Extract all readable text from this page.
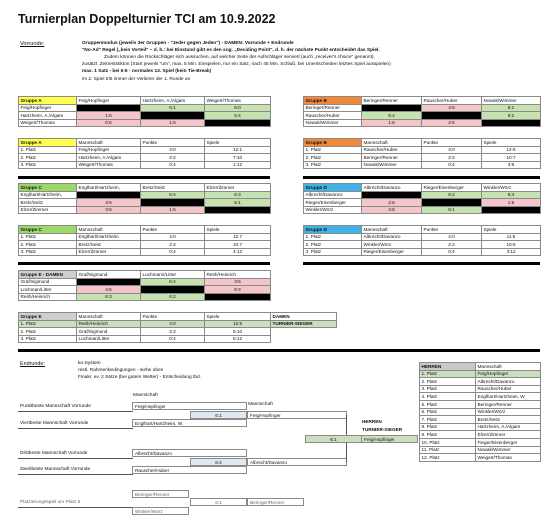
Turnierplan Doppelturnier TCI am 10.9.2022
Vorrunde:	Gruppenmodus (jeweils 3er Gruppen - "Jeder gegen Jeden") - DAMEN: Vorrunde + Endrunde
"No-Ad" Regel („kein Vorteil" – d. h.: bei Einstand gibt es den sog. „Deciding Point", d. h. der nächste Punkt entscheidet das Spiel.
Zudem können die Rückschläger sich aussuchen, auf welcher Seite der Aufschläger serviert (auch „receiver's choice" genannt).
zusätzl. Zeitreststikton (Start jeweils "um", max. 5 Min. Einspielen, nur ein Satz, nach 45 Min. Schluß, bei Unentschieden letztes Spiel ausspielen)
max. 1 Satz - bei 6:6 - normales 13. Spiel (kein Tie-Break)
im 2. Spiel tritt immer der Verlierer der 1. Runde an
Gruppe A	Feig/Hopfinger	Hartzheim, A./Algam	Weigert/Thomas
Feig/Hopfinger		6:1	6:0
Hartzheim, A./Algam	1:6		6:4
Weigert/Thomas	0:6	1:6	
Gruppe B	Beringer/Renner	Rauscher/Huber	Nowak/Wimmer
Beringer/Renner		4:6	6:1
Rauscher/Huber	6:4		6:2
Nowak/Wimmer	1:6	2:6	
Gruppe A	Mannschaft	Punkte	Spiele
1. Platz	Feig/Hopfinger	4:0	12:1
2. Platz	Hartzheim, A./Algam	2:2	7:10
3. Platz	Weigert/Thomas	0:4	1:12
Gruppe B	Mannschaft	Punkte	Spiele
1. Platz	Rauscher/Huber	4:0	12:6
2. Platz	Beringer/Renner	2:2	10:7
3. Platz	Nowak/Wimmer	0:4	3:6
Gruppe C	Englhart/Hartzheim,	Bretz/Seitz	Elzer/Zimmer
Englhart/Hartzheim,		6:4	6:3
Bretz/Seitz	4:6		6:1
Elzer/Zimmer	3:6	1:6	
Gruppe D	Albrecht/Davanzo	Rieger/Eisenberger	Winkler/Wörz
Albrecht/Davanzo		6:2	5:4
Rieger/Eisenberger	2:6		1:6
Winkler/Wörz	4:5	6:1	
Gruppe C	Mannschaft	Punkte	Spiele
1. Platz	Englhart/Hartzheim	4:0	12:7
2. Platz	Bretz/Seitz	2:2	10:7
3. Platz	Elzer/Zimmer	0:4	4:12
Gruppe D	Mannschaft	Punkte	Spiele
1. Platz	Albrecht/Davanzo	4:0	11:6
2. Platz	Winkler/Wörz	2:2	10:6
3. Platz	Rieger/Eisenberger	0:4	3:12
Gruppe E - DAMEN	Graf/Sigmund	Lochmann/Litter	Reith/Heinrich
Graf/Sigmund		6:4	3:6
Lochman/Litter	4:6		6:3
Reith/Heinrich	6:3	6:2	
Gruppe E	Mannschaft	Punkte	Spiele	DAMEN
1. Platz	Reith/Heinrich	4:0	12:5	TURNIER-SIEGER
2. Platz	Graf/Sigmund	2:2	9:10	
3. Platz	Lochman/Litter	0:4	6:12	
Endrunde:	ko-System
restl. Rahmenbedingungen - siehe oben
Finale: ev. 2 Sätze (bei gutem Wetter) - Entscheidung tbd.
Mannschaft
Mannschaft
Punktbeste Mannschaft Vorrunde
Viertbeste Mannschaft Vorrunde
Drittbeste Mannschaft Vorrunde
Zweitbeste Mannschaft Vorrunde
Feig/Hopfinger
Englhart/Hartzheim, W.
Albrecht/Davanzo
Rauscher/Huber
6:1
6:4
Feig/Hopfinger
Albrecht/Davanzo
HERREN
TURNIER-SIEGER
6:1	Feig/Hopfinger
Platzierungsspiel um Platz 5
Beringer/Renner
Winkler/Wörz
6:1	Beringer/Renner
HERREN	Mannschaft
1. Platz	Feig/Hopfinger
2. Platz	Albrecht/Davanzo
3. Platz	Rauscher/Huber
4. Platz	Englhart/Hartzheim, W
5. Platz	Beringer/Renner
6. Platz	Winkler/Wörz
7. Platz	Bretz/Seitz
8. Platz	Hartzheim, A./Algam
9. Platz	Elzer/Zimmer
10. Platz	Fieger/Eisenberger
11. Platz	Nowak/Wimmer
12. Platz	Weigert/Thomas
